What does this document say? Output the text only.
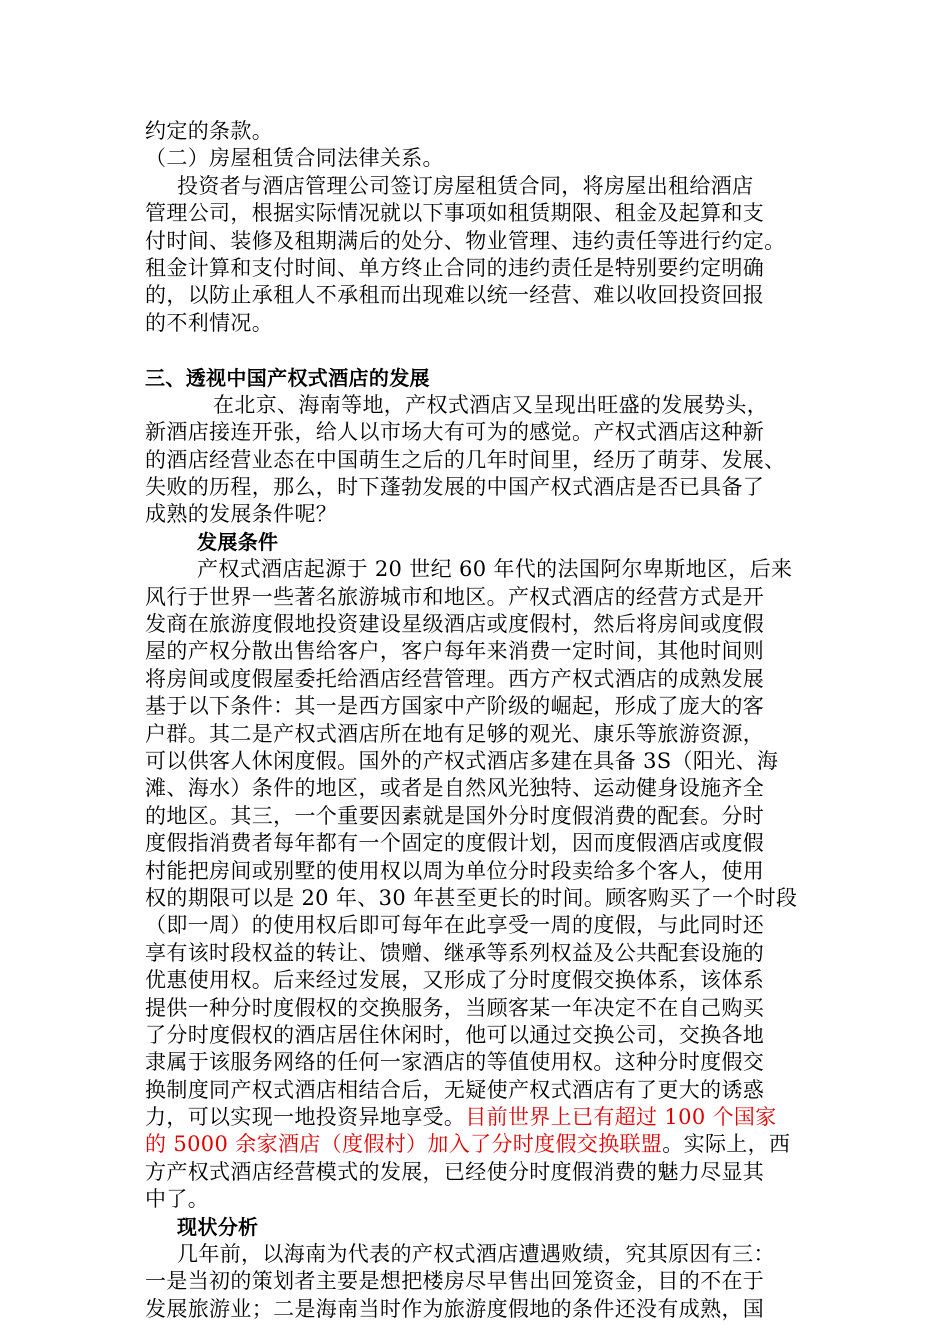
约定的条款。
（二）房屋租赁合同法律关系。
投资者与酒店管理公司签订房屋租赁合同，将房屋出租给酒店
管理公司，根据实际情况就以下事项如租赁期限、租金及起算和支
付时间、装修及租期满后的处分、物业管理、违约责任等进行约定。
租金计算和支付时间、单方终止合同的违约责任是特别要约定明确
的，以防止承租人不承租而出现难以统一经营、难以收回投资回报
的不利情况。
三、透视中国产权式酒店的发展
在北京、海南等地，产权式酒店又呈现出旺盛的发展势头，
新酒店接连开张，给人以市场大有可为的感觉。产权式酒店这种新
的酒店经营业态在中国萌生之后的几年时间里，经历了萌芽、发展、
失败的历程，那么，时下蓬勃发展的中国产权式酒店是否已具备了
成熟的发展条件呢？
发展条件
产权式酒店起源于 20 世纪 60 年代的法国阿尔卑斯地区，后来
风行于世界一些著名旅游城市和地区。产权式酒店的经营方式是开
发商在旅游度假地投资建设星级酒店或度假村，然后将房间或度假
屋的产权分散出售给客户，客户每年来消费一定时间，其他时间则
将房间或度假屋委托给酒店经营管理。西方产权式酒店的成熟发展
基于以下条件：其一是西方国家中产阶级的崛起，形成了庞大的客
户群。其二是产权式酒店所在地有足够的观光、康乐等旅游资源，
可以供客人休闲度假。国外的产权式酒店多建在具备 3S（阳光、海
滩、海水）条件的地区，或者是自然风光独特、运动健身设施齐全
的地区。其三，一个重要因素就是国外分时度假消费的配套。分时
度假指消费者每年都有一个固定的度假计划，因而度假酒店或度假
村能把房间或别墅的使用权以周为单位分时段卖给多个客人，使用
权的期限可以是 20 年、30 年甚至更长的时间。顾客购买了一个时段
（即一周）的使用权后即可每年在此享受一周的度假，与此同时还
享有该时段权益的转让、馈赠、继承等系列权益及公共配套设施的
优惠使用权。后来经过发展，又形成了分时度假交换体系，该体系
提供一种分时度假权的交换服务，当顾客某一年决定不在自己购买
了分时度假权的酒店居住休闲时，他可以通过交换公司，交换各地
隶属于该服务网络的任何一家酒店的等值使用权。这种分时度假交
换制度同产权式酒店相结合后，无疑使产权式酒店有了更大的诱惑
力，可以实现一地投资异地享受。目前世界上已有超过 100 个国家
的 5000 余家酒店（度假村）加入了分时度假交换联盟。实际上，西
方产权式酒店经营模式的发展，已经使分时度假消费的魅力尽显其
中了。
现状分析
几年前，以海南为代表的产权式酒店遭遇败绩，究其原因有三：
一是当初的策划者主要是想把楼房尽早售出回笼资金，目的不在于
发展旅游业；二是海南当时作为旅游度假地的条件还没有成熟，国
